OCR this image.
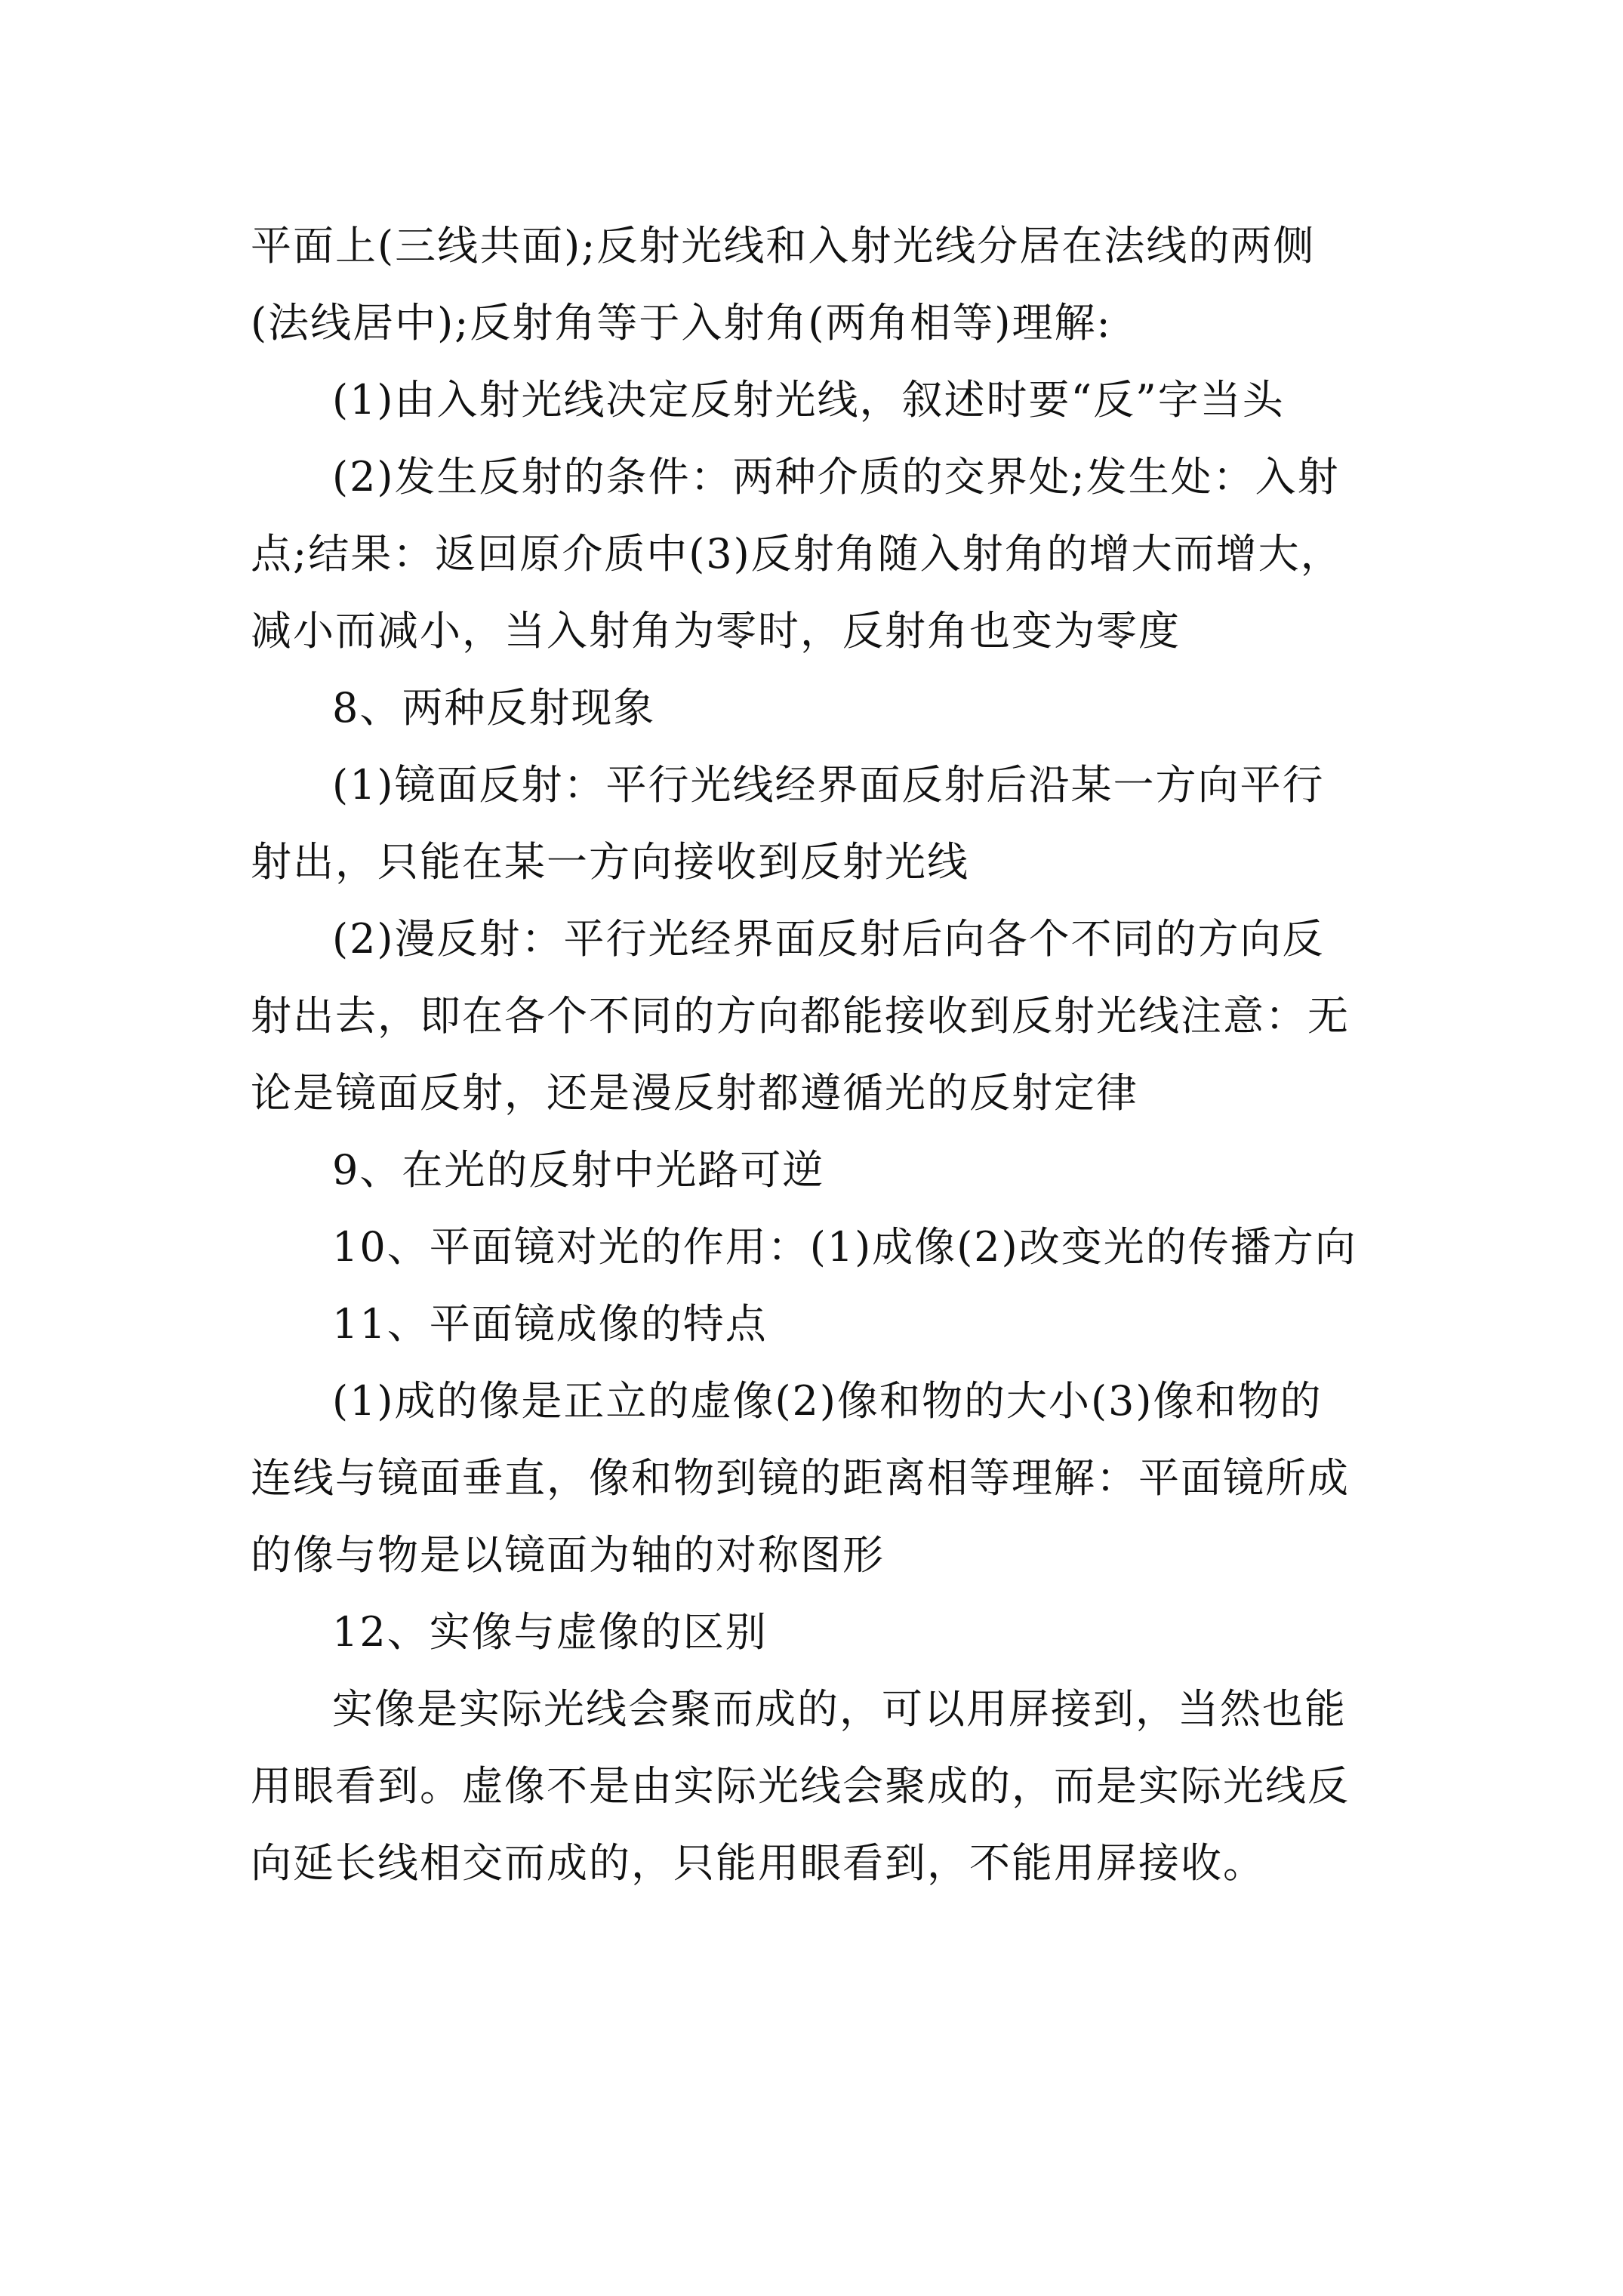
平面上(三线共面);反射光线和入射光线分居在法线的两侧
(法线居中);反射角等于入射角(两角相等)理解:
(1)由入射光线决定反射光线，叙述时要“反”字当头
(2)发生反射的条件：两种介质的交界处;发生处：入射
点;结果：返回原介质中(3)反射角随入射角的增大而增大，
减小而减小，当入射角为零时，反射角也变为零度
8、两种反射现象
(1)镜面反射：平行光线经界面反射后沿某一方向平行
射出，只能在某一方向接收到反射光线
(2)漫反射：平行光经界面反射后向各个不同的方向反
射出去，即在各个不同的方向都能接收到反射光线注意：无
论是镜面反射，还是漫反射都遵循光的反射定律
9、在光的反射中光路可逆
10、平面镜对光的作用：(1)成像(2)改变光的传播方向
11、平面镜成像的特点
(1)成的像是正立的虚像(2)像和物的大小(3)像和物的
连线与镜面垂直，像和物到镜的距离相等理解：平面镜所成
的像与物是以镜面为轴的对称图形
12、实像与虚像的区别
实像是实际光线会聚而成的，可以用屏接到，当然也能
用眼看到。虚像不是由实际光线会聚成的，而是实际光线反
向延长线相交而成的，只能用眼看到，不能用屏接收。
